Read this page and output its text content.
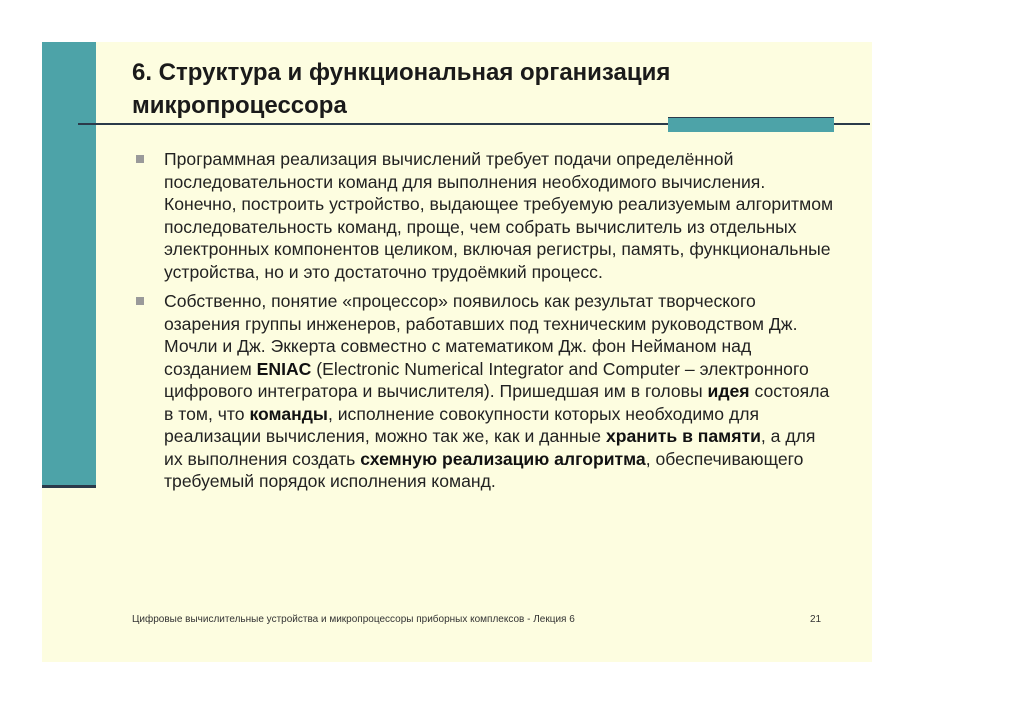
6. Структура и функциональная организация микропроцессора
Программная реализация вычислений требует подачи определённой последовательности команд для выполнения необходимого вычисления. Конечно, построить устройство, выдающее требуемую реализуемым алгоритмом последовательность команд, проще, чем собрать вычислитель из отдельных электронных компонентов целиком, включая регистры, память, функциональные устройства, но и это достаточно трудоёмкий процесс.
Собственно, понятие «процессор» появилось как результат творческого озарения группы инженеров, работавших под техническим руководством Дж. Мочли и Дж. Эккерта совместно с математиком Дж. фон Нейманом над созданием ENIAC (Electronic Numerical Integrator and Computer – электронного цифрового интегратора и вычислителя). Пришедшая им в головы идея состояла в том, что команды, исполнение совокупности которых необходимо для реализации вычисления, можно так же, как и данные хранить в памяти, а для их выполнения создать схемную реализацию алгоритма, обеспечивающего требуемый порядок исполнения команд.
Цифровые вычислительные устройства и микропроцессоры приборных комплексов - Лекция 6	21
